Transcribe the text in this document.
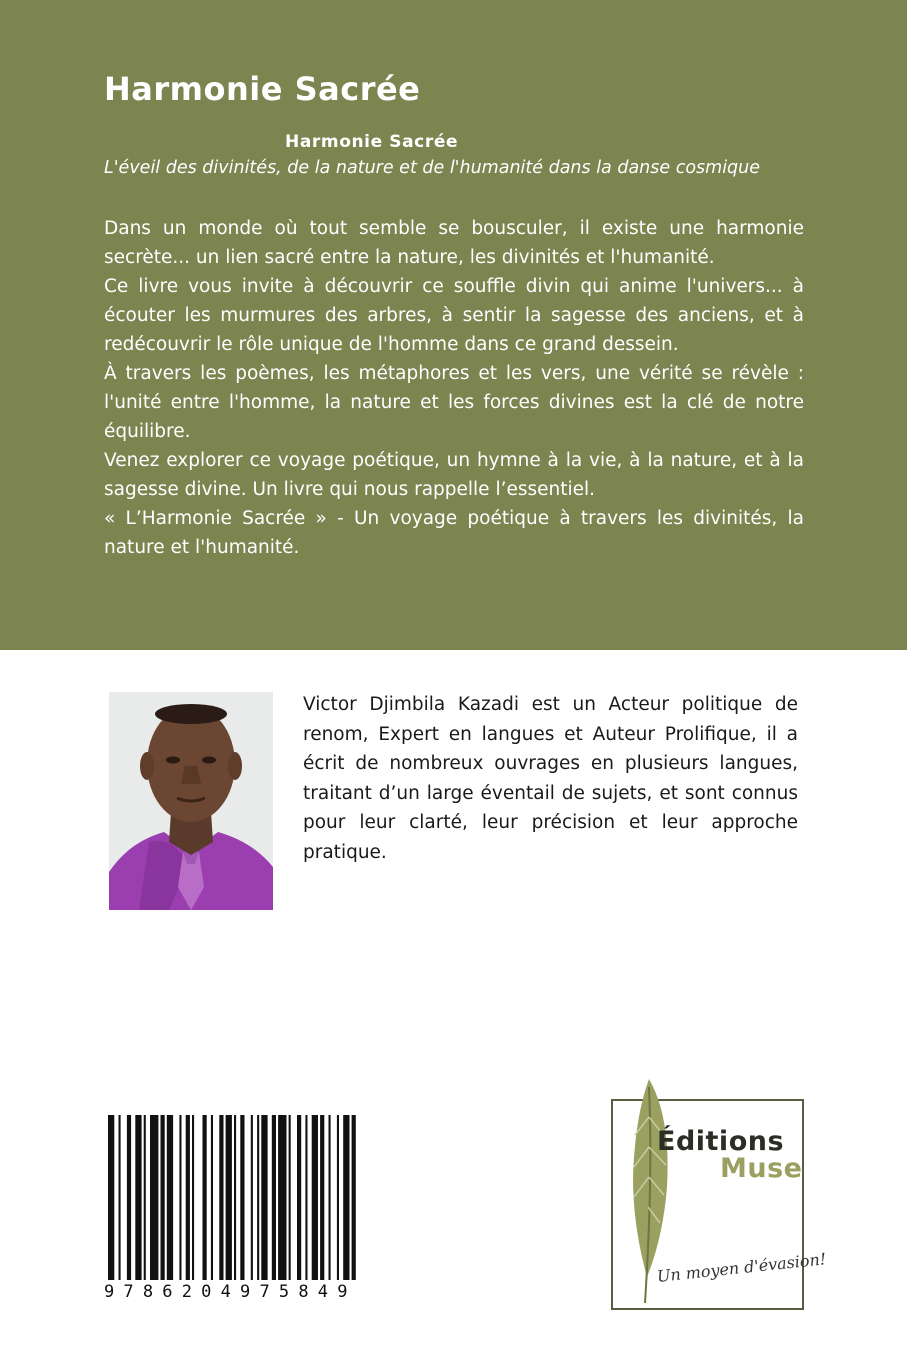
Harmonie Sacrée
Harmonie Sacrée
L'éveil des divinités, de la nature et de l'humanité dans la danse cosmique

Dans un monde où tout semble se bousculer, il existe une harmonie secrète... un lien sacré entre la nature, les divinités et l'humanité.

Ce livre vous invite à découvrir ce souffle divin qui anime l'univers... à écouter les murmures des arbres, à sentir la sagesse des anciens, et à redécouvrir le rôle unique de l'homme dans ce grand dessein.

À travers les poèmes, les métaphores et les vers, une vérité se révèle : l'unité entre l'homme, la nature et les forces divines est la clé de notre équilibre.

Venez explorer ce voyage poétique, un hymne à la vie, à la nature, et à la sagesse divine. Un livre qui nous rappelle l’essentiel.

« L’Harmonie Sacrée » - Un voyage poétique à travers les divinités, la nature et l'humanité.

Victor Djimbila Kazadi est un Acteur politique de renom, Expert en langues et Auteur Prolifique, il a écrit de nombreux ouvrages en plusieurs langues, traitant d’un large éventail de sujets, et sont connus pour leur clarté, leur précision et leur approche pratique.
9786204975849
Éditions
Muse
Un moyen d'évasion!
